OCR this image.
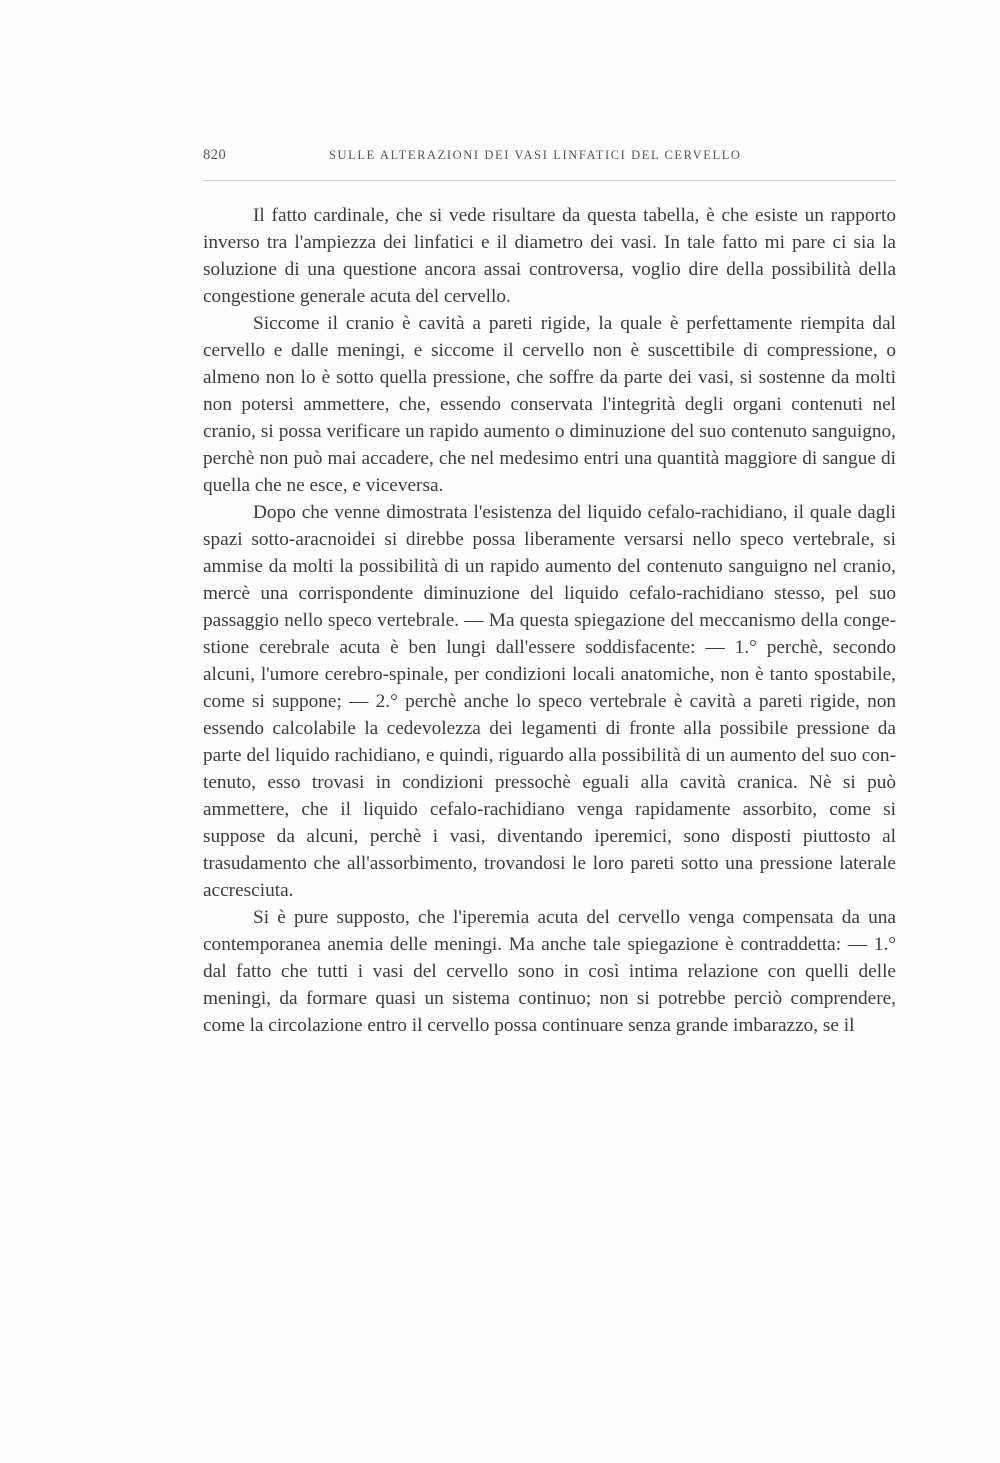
820	SULLE ALTERAZIONI DEI VASI LINFATICI DEL CERVELLO

Il fatto cardinale, che si vede risultare da questa tabella, è che esiste un rapporto inverso tra l'ampiezza dei linfatici e il diametro dei vasi. In tale fatto mi pare ci sia la soluzione di una questione ancora assai controversa, voglio dire della possibilità della congestione generale acuta del cervello.

Siccome il cranio è cavità a pareti rigide, la quale è perfettamente riempita dal cervello e dalle meningi, e siccome il cervello non è suscettibile di compressione, o almeno non lo è sotto quella pressione, che soffre da parte dei vasi, si sostenne da molti non potersi ammettere, che, essendo conservata l'integrità degli organi contenuti nel cranio, si possa verificare un rapido aumento o diminuzione del suo contenuto sanguigno, perchè non può mai accadere, che nel medesimo entri una quantità maggiore di sangue di quella che ne esce, e viceversa.

Dopo che venne dimostrata l'esistenza del liquido cefalo-rachidiano, il quale dagli spazi sotto-aracnoidei si direbbe possa liberamente versarsi nello speco vertebrale, si ammise da molti la possibilità di un rapido aumento del contenuto sanguigno nel cranio, mercè una corrispondente diminuzione del liquido cefalo-rachidiano stesso, pel suo passaggio nello speco vertebrale. — Ma questa spiegazione del meccanismo della congestione cerebrale acuta è ben lungi dall'essere soddisfacente: — 1.° perchè, secondo alcuni, l'umore cerebro-spinale, per condizioni locali anatomiche, non è tanto spostabile, come si suppone; — 2.° perchè anche lo speco vertebrale è cavità a pareti rigide, non essendo calcolabile la cedevolezza dei legamenti di fronte alla possibile pressione da parte del liquido rachidiano, e quindi, riguardo alla possibilità di un aumento del suo contenuto, esso trovasi in condizioni pressochè eguali alla cavità cranica. Nè si può ammettere, che il liquido cefalo-rachidiano venga rapidamente assorbito, come si suppose da alcuni, perchè i vasi, diventando iperemici, sono disposti piuttosto al trasudamento che all'assorbimento, trovandosi le loro pareti sotto una pressione laterale accresciuta.

Si è pure supposto, che l'iperemia acuta del cervello venga compensata da una contemporanea anemia delle meningi. Ma anche tale spiegazione è contraddetta: — 1.° dal fatto che tutti i vasi del cervello sono in così intima relazione con quelli delle meningi, da formare quasi un sistema continuo; non si potrebbe perciò comprendere, come la circolazione entro il cervello possa continuare senza grande imbarazzo, se il
